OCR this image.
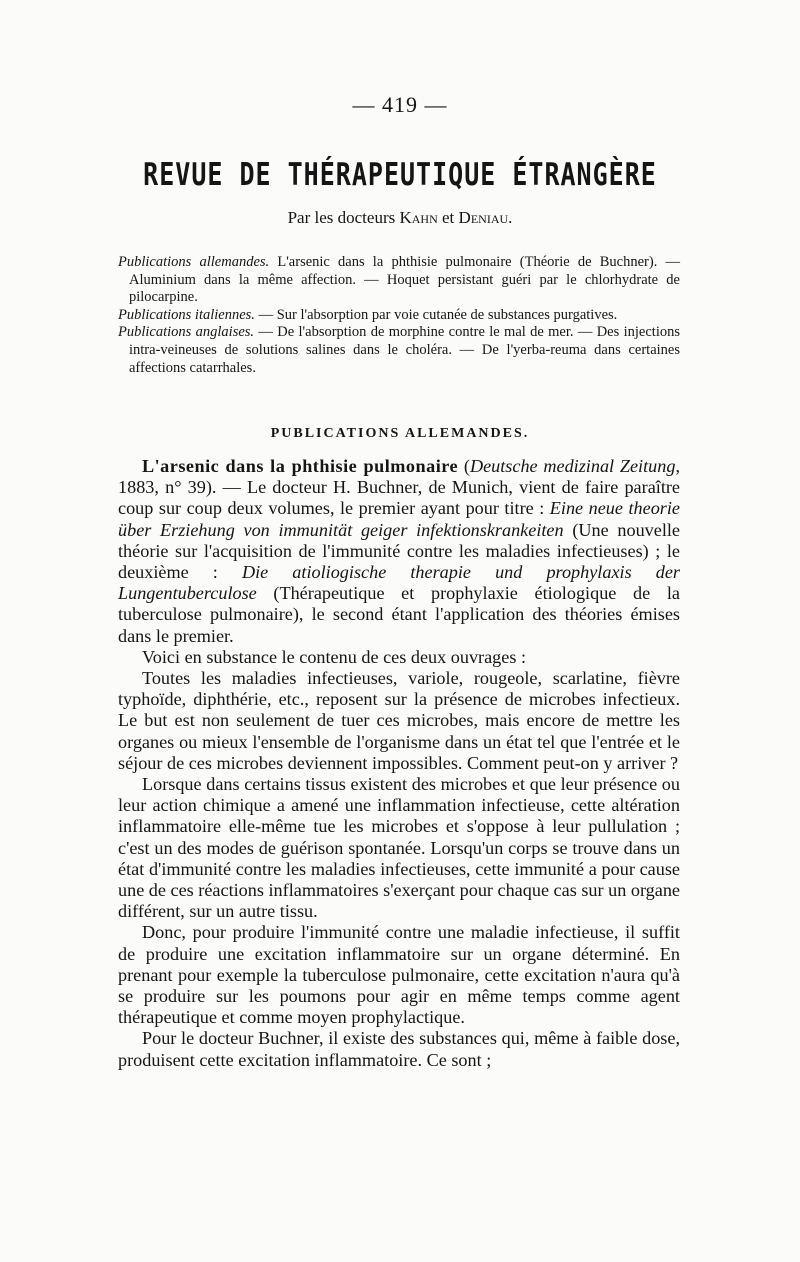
— 419 —
REVUE DE THÉRAPEUTIQUE ÉTRANGÈRE
Par les docteurs Kahn et Deniau.

Publications allemandes. L'arsenic dans la phthisie pulmonaire (Théorie de Buchner). — Aluminium dans la même affection. — Hoquet persistant guéri par le chlorhydrate de pilocarpine.

Publications italiennes. — Sur l'absorption par voie cutanée de substances purgatives.

Publications anglaises. — De l'absorption de morphine contre le mal de mer. — Des injections intra-veineuses de solutions salines dans le choléra. — De l'yerba-reuma dans certaines affections catarrhales.

PUBLICATIONS ALLEMANDES.

L'arsenic dans la phthisie pulmonaire (Deutsche medizinal Zeitung, 1883, n° 39). — Le docteur H. Buchner, de Munich, vient de faire paraître coup sur coup deux volumes, le premier ayant pour titre : Eine neue theorie über Erziehung von immunität geiger infektionskrankeiten (Une nouvelle théorie sur l'acquisition de l'immunité contre les maladies infectieuses) ; le deuxième : Die atioliogische therapie und prophylaxis der Lungentuberculose (Thérapeutique et prophylaxie étiologique de la tuberculose pulmonaire), le second étant l'application des théories émises dans le premier.

Voici en substance le contenu de ces deux ouvrages :

Toutes les maladies infectieuses, variole, rougeole, scarlatine, fièvre typhoïde, diphthérie, etc., reposent sur la présence de microbes infectieux. Le but est non seulement de tuer ces microbes, mais encore de mettre les organes ou mieux l'ensemble de l'organisme dans un état tel que l'entrée et le séjour de ces microbes deviennent impossibles. Comment peut-on y arriver ?

Lorsque dans certains tissus existent des microbes et que leur présence ou leur action chimique a amené une inflammation infectieuse, cette altération inflammatoire elle-même tue les microbes et s'oppose à leur pullulation ; c'est un des modes de guérison spontanée. Lorsqu'un corps se trouve dans un état d'immunité contre les maladies infectieuses, cette immunité a pour cause une de ces réactions inflammatoires s'exerçant pour chaque cas sur un organe différent, sur un autre tissu.

Donc, pour produire l'immunité contre une maladie infectieuse, il suffit de produire une excitation inflammatoire sur un organe déterminé. En prenant pour exemple la tuberculose pulmonaire, cette excitation n'aura qu'à se produire sur les poumons pour agir en même temps comme agent thérapeutique et comme moyen prophylactique.

Pour le docteur Buchner, il existe des substances qui, même à faible dose, produisent cette excitation inflammatoire. Ce sont ;
